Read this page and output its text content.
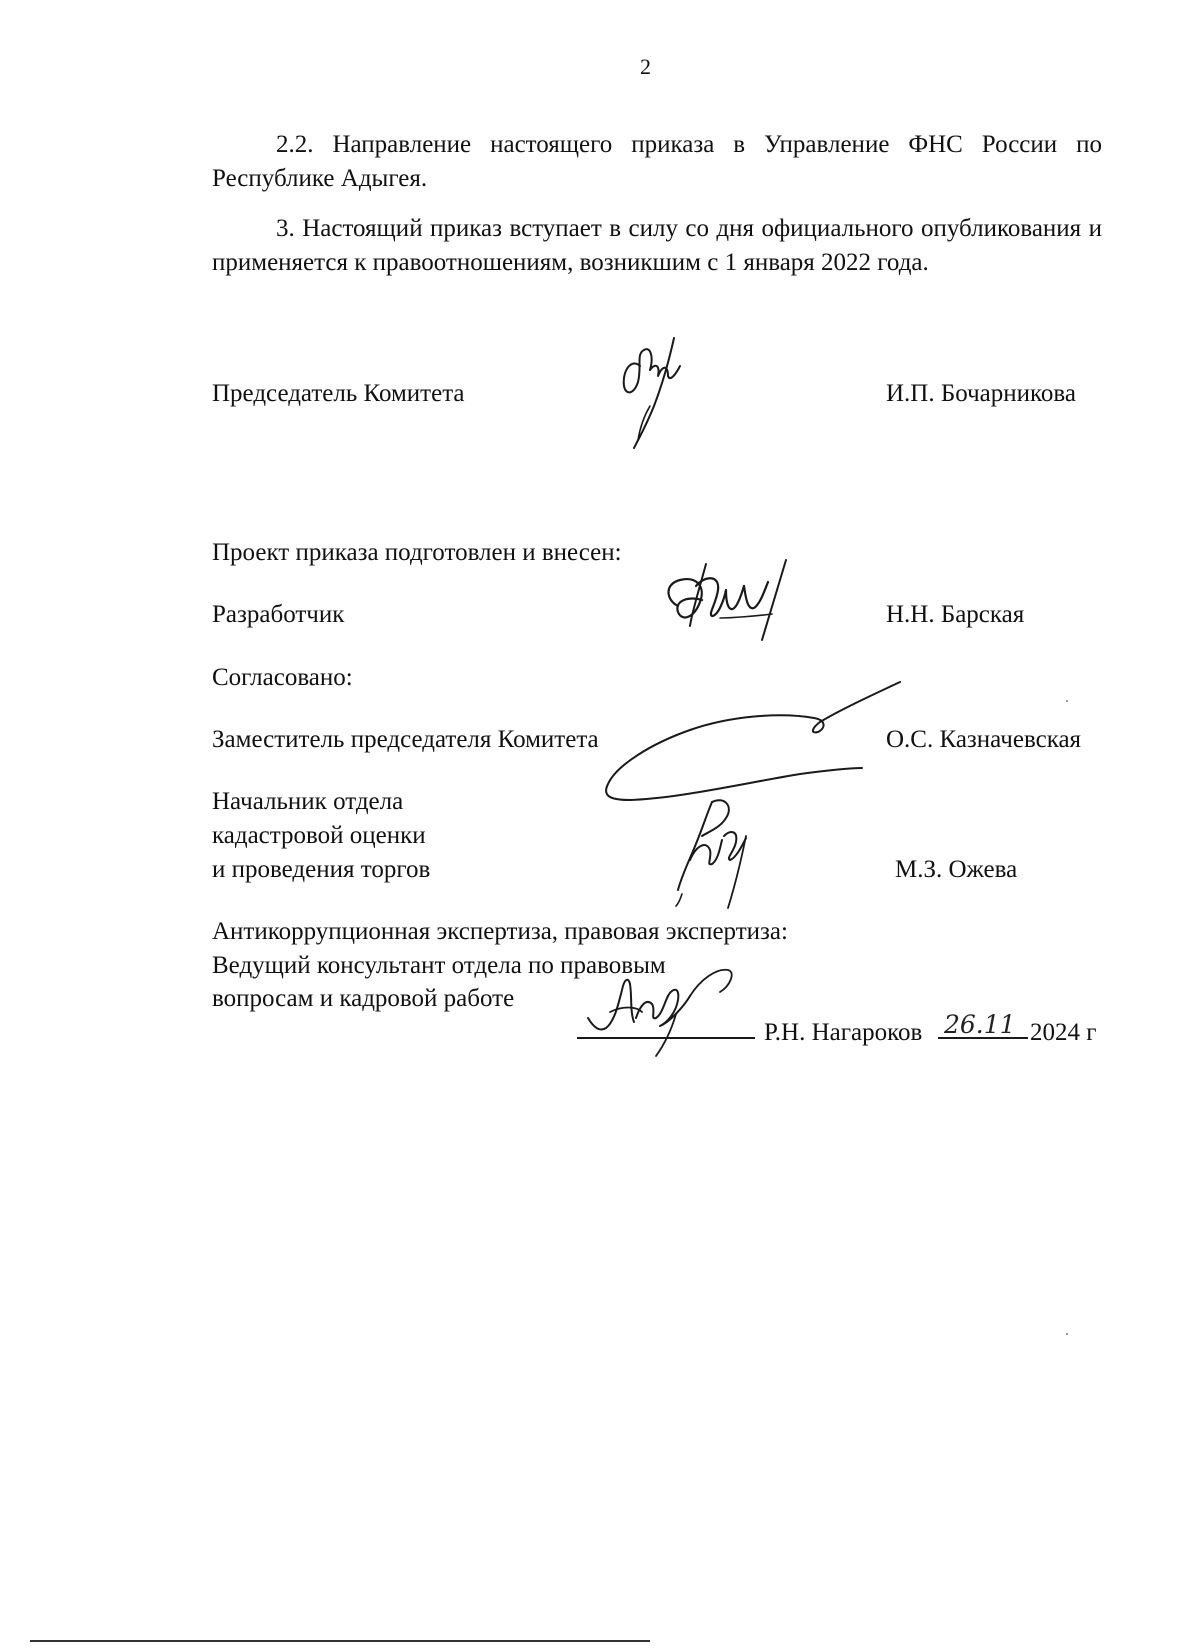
2

2.2. Направление настоящего приказа в Управление ФНС России по Республике Адыгея.

3. Настоящий приказ вступает в силу со дня официального опубликования и применяется к правоотношениям, возникшим с 1 января 2022 года.

Председатель Комитета	И.П. Бочарникова
Проект приказа подготовлен и внесен:
Разработчик	Н.Н. Барская
Согласовано:
Заместитель председателя Комитета	О.С. Казначевская
Начальник отдела
кадастровой оценки
и проведения торгов	М.З. Ожева
Антикоррупционная экспертиза, правовая экспертиза:
Ведущий консультант отдела по правовым
вопросам и кадровой работе
Р.Н. Нагароков 26.11 2024 г
